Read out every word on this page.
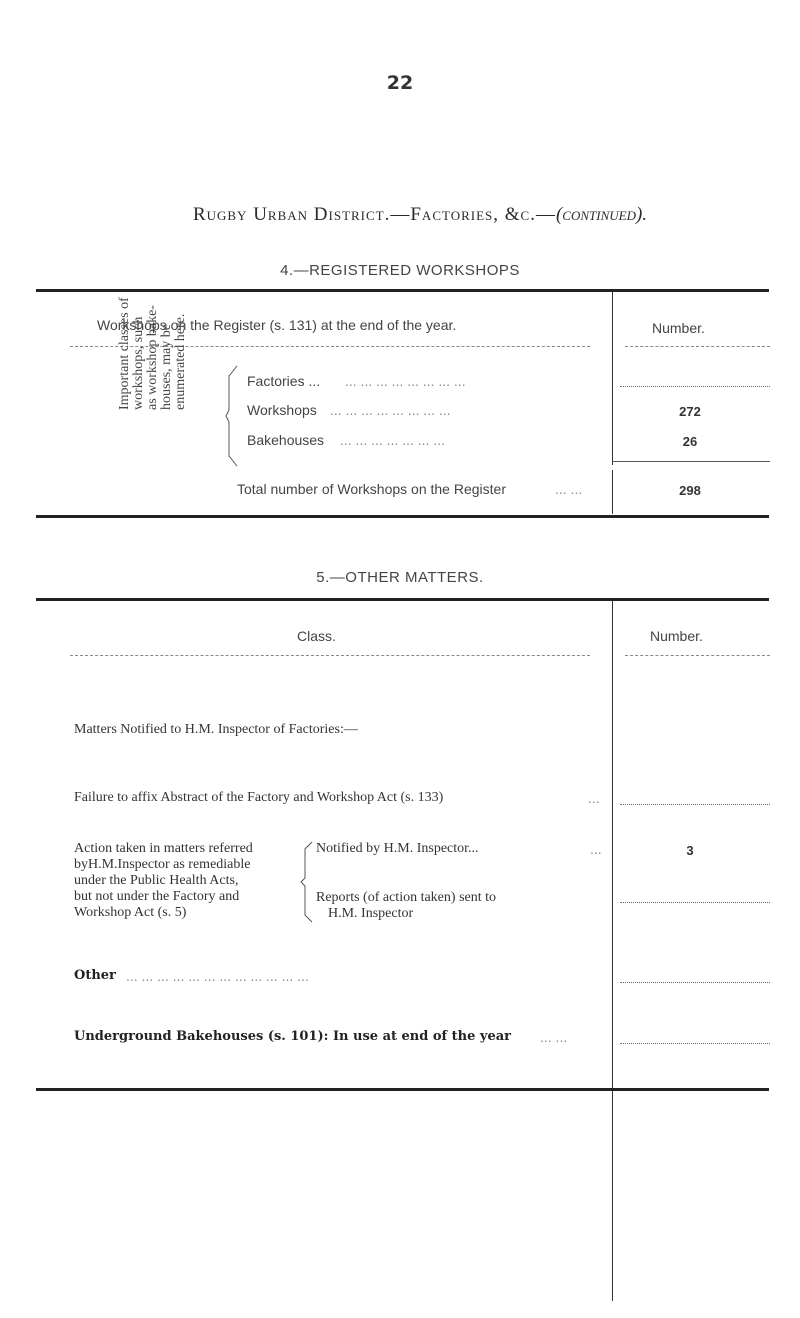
22
Rugby Urban District.—Factories, &c.—(continued).
4.—REGISTERED WORKSHOPS
Workshops on the Register (s. 131) at the end of the year.	Number.
Important classes of workshops, such as workshop bake- houses, may be enumerated here.	Factories ... ... ... ... ... ... ... ... ...
Workshops ... ... ... ... ... ... ... ...	272
Bakehouses ... ... ... ... ... ... ...	26
Total number of Workshops on the Register	... ...	298
5.—OTHER MATTERS.
Class.	Number.
Matters Notified to H.M. Inspector of Factories:—
Failure to affix Abstract of the Factory and Workshop Act (s. 133)	...
Action taken in matters referred
byH.M.Inspector as remediable
under the Public Health Acts,
but not under the Factory and
Workshop Act (s. 5)
Notified by H.M. Inspector...	...	3
Reports (of action taken) sent to
H.M. Inspector
Other ... ... ... ... ... ... ... ... ... ... ... ...
Underground Bakehouses (s. 101): In use at end of the year ... ...
